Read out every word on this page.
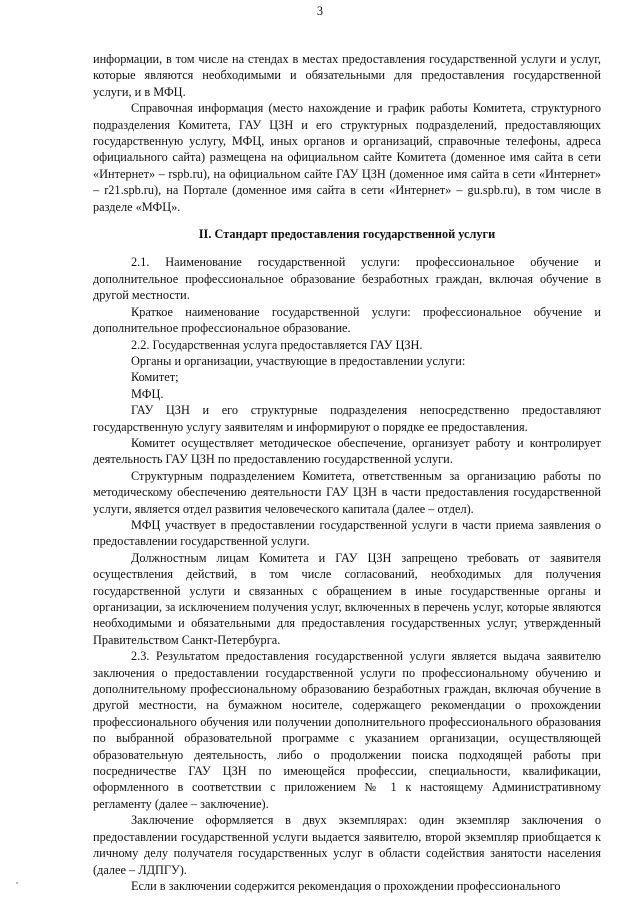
3

информации, в том числе на стендах в местах предоставления государственной услуги и услуг, которые являются необходимыми и обязательными для предоставления государственной услуги, и в МФЦ.

Справочная информация (место нахождение и график работы Комитета, структурного подразделения Комитета, ГАУ ЦЗН и его структурных подразделений, предоставляющих государственную услугу, МФЦ, иных органов и организаций, справочные телефоны, адреса официального сайта) размещена на официальном сайте Комитета (доменное имя сайта в сети «Интернет» – rspb.ru), на официальном сайте ГАУ ЦЗН (доменное имя сайта в сети «Интернет» – r21.spb.ru), на Портале (доменное имя сайта в сети «Интернет» – gu.spb.ru), в том числе в разделе «МФЦ».

II. Стандарт предоставления государственной услуги

2.1. Наименование государственной услуги: профессиональное обучение и дополнительное профессиональное образование безработных граждан, включая обучение в другой местности.

Краткое наименование государственной услуги: профессиональное обучение и дополнительное профессиональное образование.

2.2. Государственная услуга предоставляется ГАУ ЦЗН.

Органы и организации, участвующие в предоставлении услуги:

Комитет;

МФЦ.

ГАУ ЦЗН и его структурные подразделения непосредственно предоставляют государственную услугу заявителям и информируют о порядке ее предоставления.

Комитет осуществляет методическое обеспечение, организует работу и контролирует деятельность ГАУ ЦЗН по предоставлению государственной услуги.

Структурным подразделением Комитета, ответственным за организацию работы по методическому обеспечению деятельности ГАУ ЦЗН в части предоставления государственной услуги, является отдел развития человеческого капитала (далее – отдел).

МФЦ участвует в предоставлении государственной услуги в части приема заявления о предоставлении государственной услуги.

Должностным лицам Комитета и ГАУ ЦЗН запрещено требовать от заявителя осуществления действий, в том числе согласований, необходимых для получения государственной услуги и связанных с обращением в иные государственные органы и организации, за исключением получения услуг, включенных в перечень услуг, которые являются необходимыми и обязательными для предоставления государственных услуг, утвержденный Правительством Санкт-Петербурга.

2.3. Результатом предоставления государственной услуги является выдача заявителю заключения о предоставлении государственной услуги по профессиональному обучению и дополнительному профессиональному образованию безработных граждан, включая обучение в другой местности, на бумажном носителе, содержащего рекомендации о прохождении профессионального обучения или получении дополнительного профессионального образования по выбранной образовательной программе с указанием организации, осуществляющей образовательную деятельность, либо о продолжении поиска подходящей работы при посредничестве ГАУ ЦЗН по имеющейся профессии, специальности, квалификации, оформленного в соответствии с приложением № 1 к настоящему Административному регламенту (далее – заключение).

Заключение оформляется в двух экземплярах: один экземпляр заключения о предоставлении государственной услуги выдается заявителю, второй экземпляр приобщается к личному делу получателя государственных услуг в области содействия занятости населения (далее – ЛДПГУ).

Если в заключении содержится рекомендация о прохождении профессионального
